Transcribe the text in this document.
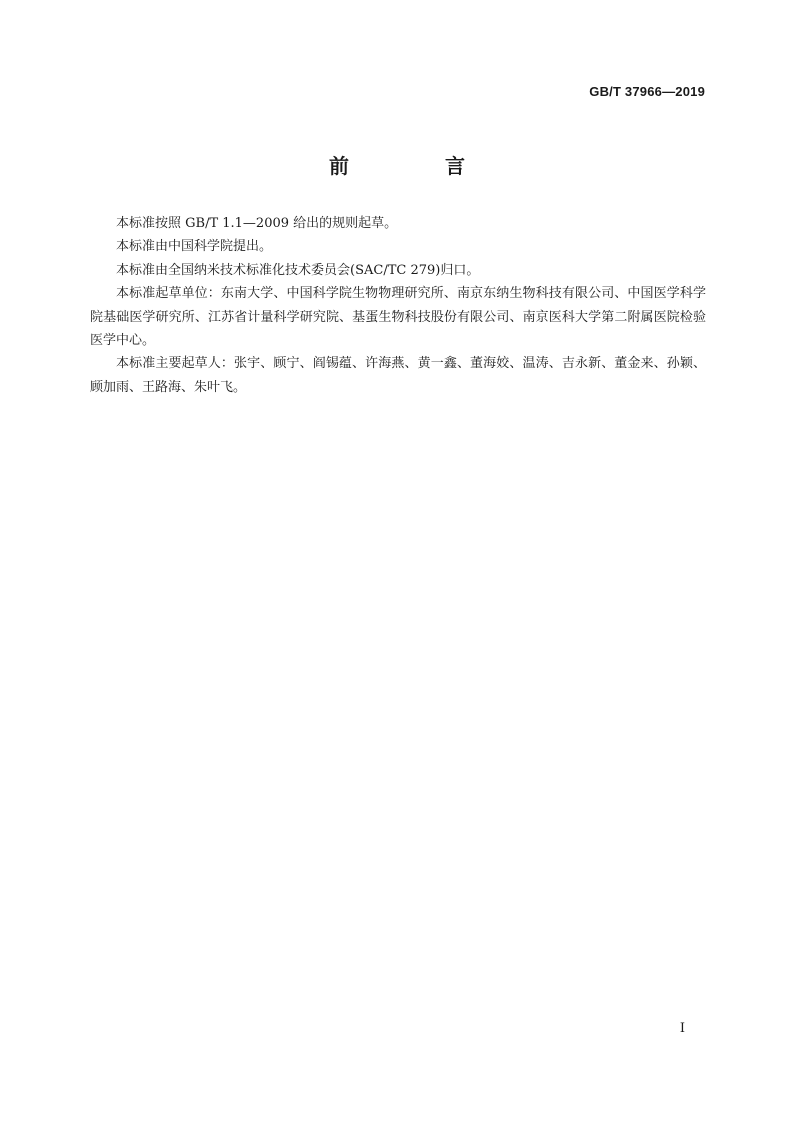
GB/T 37966—2019
前　言

本标准按照 GB/T 1.1—2009 给出的规则起草。

本标准由中国科学院提出。

本标准由全国纳米技术标准化技术委员会(SAC/TC 279)归口。

本标准起草单位：东南大学、中国科学院生物物理研究所、南京东纳生物科技有限公司、中国医学科学院基础医学研究所、江苏省计量科学研究院、基蛋生物科技股份有限公司、南京医科大学第二附属医院检验医学中心。

本标准主要起草人：张宇、顾宁、阎锡蕴、许海燕、黄一鑫、董海姣、温涛、吉永新、董金来、孙颖、顾加雨、王路海、朱叶飞。

I
